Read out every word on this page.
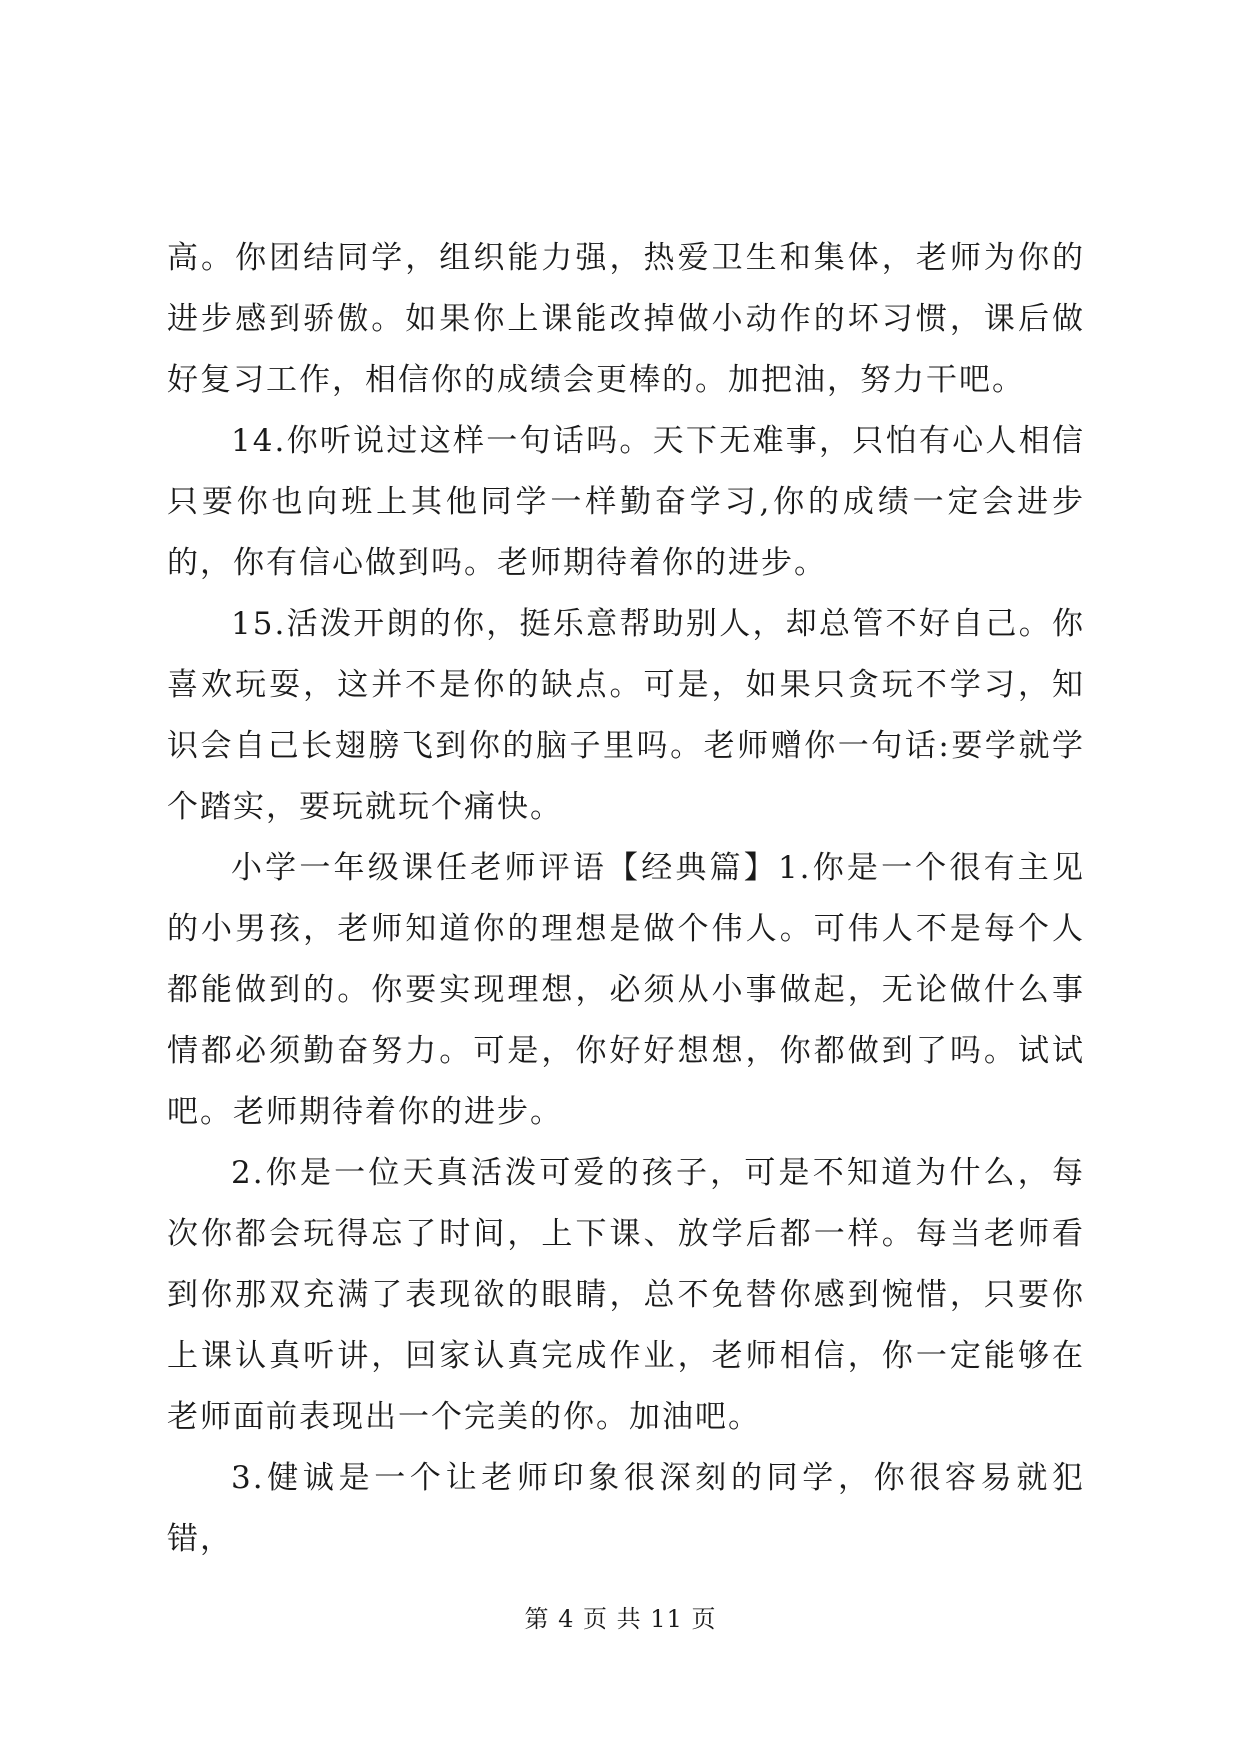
高。你团结同学，组织能力强，热爱卫生和集体，老师为你的进步感到骄傲。如果你上课能改掉做小动作的坏习惯，课后做好复习工作，相信你的成绩会更棒的。加把油，努力干吧。

14.你听说过这样一句话吗。天下无难事，只怕有心人相信只要你也向班上其他同学一样勤奋学习,你的成绩一定会进步的，你有信心做到吗。老师期待着你的进步。

15.活泼开朗的你，挺乐意帮助别人，却总管不好自己。你喜欢玩耍，这并不是你的缺点。可是，如果只贪玩不学习，知识会自己长翅膀飞到你的脑子里吗。老师赠你一句话:要学就学个踏实，要玩就玩个痛快。

小学一年级课任老师评语【经典篇】1.你是一个很有主见的小男孩，老师知道你的理想是做个伟人。可伟人不是每个人都能做到的。你要实现理想，必须从小事做起，无论做什么事情都必须勤奋努力。可是，你好好想想，你都做到了吗。试试吧。老师期待着你的进步。

2.你是一位天真活泼可爱的孩子，可是不知道为什么，每次你都会玩得忘了时间，上下课、放学后都一样。每当老师看到你那双充满了表现欲的眼睛，总不免替你感到惋惜，只要你上课认真听讲，回家认真完成作业，老师相信，你一定能够在老师面前表现出一个完美的你。加油吧。

3.健诚是一个让老师印象很深刻的同学，你很容易就犯错，

第 4 页 共 11 页
